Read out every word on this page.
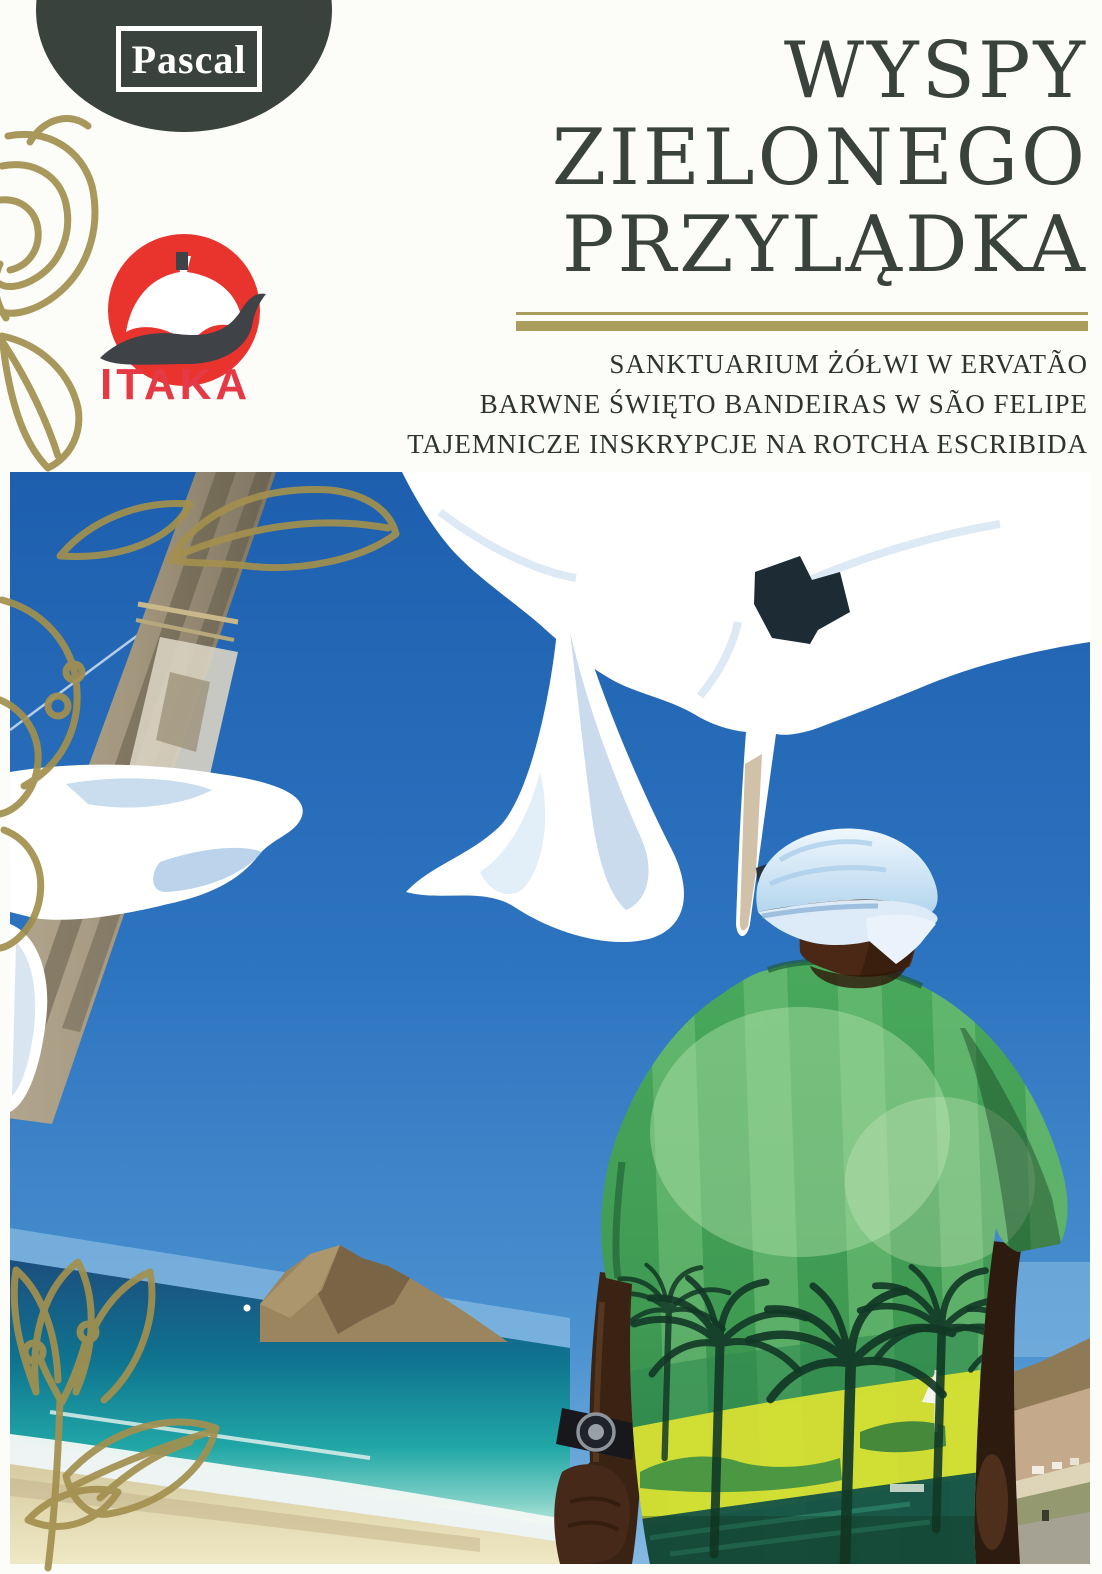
Pascal	WYSPY
ZIELONEGO
PRZYLĄDKA
SANKTUARIUM ŻÓŁWI W ERVATÃO
BARWNE ŚWIĘTO BANDEIRAS W SÃO FELIPE
TAJEMNICZE INSKRYPCJE NA ROTCHA ESCRIBIDA
ITAKA
